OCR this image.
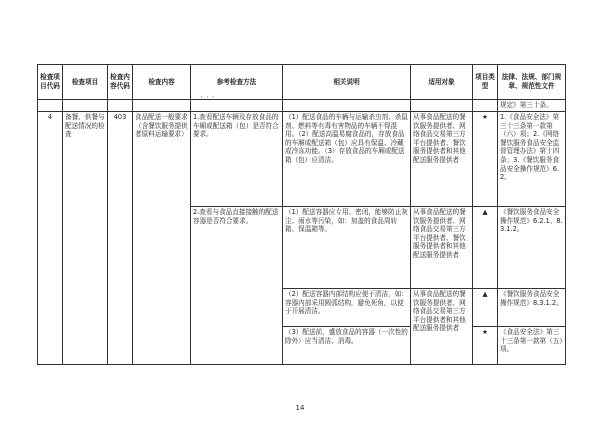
· · ·
检查项目代码	检查项目	检查内容代码	检查内容	参考检查方法	相关说明	适用对象	项目类型	法律、法规、部门规章、规范性文件
								规定》第三十条。
4	备餐、供餐与配送情况的检查	403	食品配送一般要求（含餐饮服务提供者原料运输要求）	1.查看配送车辆及存放食品的车厢或配送箱（包）是否符合要求。	（1）配送食品的车辆与运输杀虫剂、杀鼠剂、燃料等有毒有害物品的车辆不得混用。（2）配送高温易腐食品的，存放食品的车厢或配送箱（包）应具有保温、冷藏或冷冻功能。（3）存放食品的车厢或配送箱（包）应清洁。	从事食品配送的餐饮服务提供者、网络食品交易第三方平台提供者、餐饮服务提供者和其他配送服务提供者	★	1.《食品安全法》第三十三条第一款第（六）项；2.《网络餐饮服务食品安全监督管理办法》第十四条；3.《餐饮服务食品安全操作规范》6.2。
				2.查看与食品直接接触的配送容器是否符合要求。	（1）配送容器应专用、密闭，能够防止灰尘、雨水等污染，如：加盖的食品周转箱、保温箱等。	从事食品配送的餐饮服务提供者、网络食品交易第三方平台提供者、餐饮服务提供者和其他配送服务提供者	▲	《餐饮服务食品安全操作规范》6.2.1、8.3.1.2。
					（2）配送容器内部结构应便于清洁，如：容器内部采用圆弧结构，避免死角，以便于开展清洁。	从事食品配送的餐饮服务提供者、网络食品交易第三方平台提供者和其他配送服务提供者	▲	《餐饮服务食品安全操作规范》8.3.1.2。
					（3）配送前，盛放食品的容器（一次性的除外）应当清洁、消毒。		★	《食品安全法》第三十三条第一款第（五）项。
14
